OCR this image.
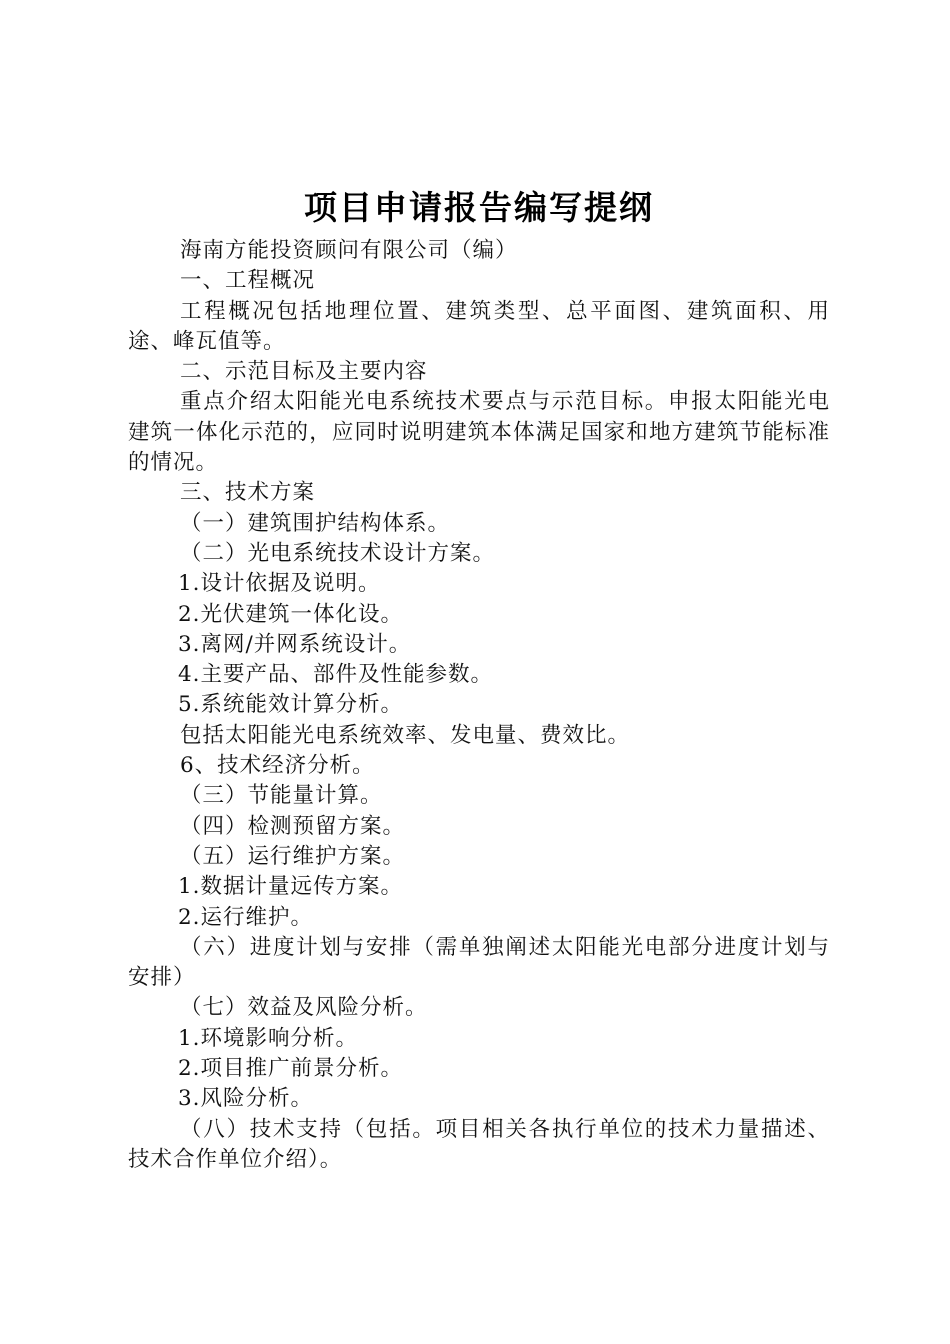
项目申请报告编写提纲

海南方能投资顾问有限公司（编）

一、工程概况

工程概况包括地理位置、建筑类型、总平面图、建筑面积、用途、峰瓦值等。

二、示范目标及主要内容

重点介绍太阳能光电系统技术要点与示范目标。申报太阳能光电建筑一体化示范的，应同时说明建筑本体满足国家和地方建筑节能标准的情况。

三、技术方案

（一）建筑围护结构体系。

（二）光电系统技术设计方案。

1.设计依据及说明。

2.光伏建筑一体化设。

3.离网/并网系统设计。

4.主要产品、部件及性能参数。

5.系统能效计算分析。

包括太阳能光电系统效率、发电量、费效比。

6、技术经济分析。

（三）节能量计算。

（四）检测预留方案。

（五）运行维护方案。

1.数据计量远传方案。

2.运行维护。

（六）进度计划与安排（需单独阐述太阳能光电部分进度计划与安排）

（七）效益及风险分析。

1.环境影响分析。

2.项目推广前景分析。

3.风险分析。

（八）技术支持（包括。项目相关各执行单位的技术力量描述、技术合作单位介绍）。
